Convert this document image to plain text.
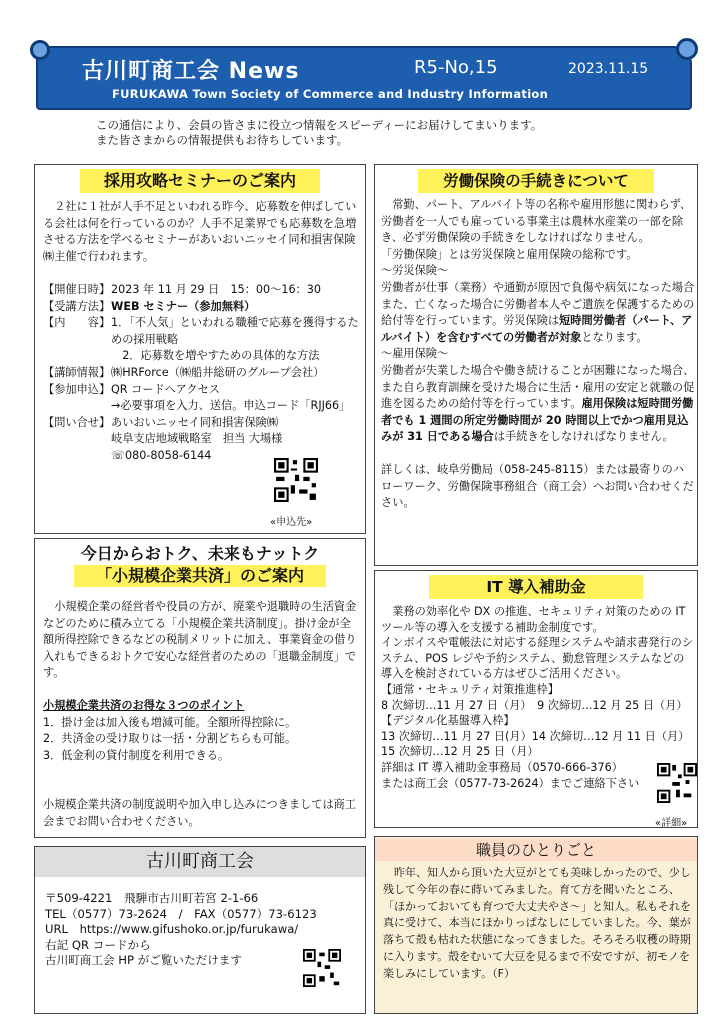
古川町商工会 News	R5-No,15	2023.11.15
FURUKAWA Town Society of Commerce and Industry Information
この通信により、会員の皆さまに役立つ情報をスピーディーにお届けしてまいります。
また皆さまからの情報提供もお待ちしています。
採用攻略セミナーのご案内
　２社に１社が人手不足といわれる昨今、応募数を伸ばしている会社は何を行っているのか？人手不足業界でも応募数を急増させる方法を学べるセミナーがあいおいニッセイ同和損害保険㈱主催で行われます。
【開催日時】 2023 年 11 月 29 日　15：00～16：30
【受講方法】 WEB セミナー（参加無料）
【内　　容】 1．「不人気」といわれる職種で応募を獲得するための採用戦略
　2．応募数を増やすための具体的な方法
【講師情報】 ㈱HRForce（㈱船井総研のグループ会社）
【参加申込】 QR コードへアクセス
→必要事項を入力、送信。申込コード「RJJ66」
【問い合せ】 あいおいニッセイ同和損害保険㈱
岐阜支店地域戦略室　担当 大場様
☏080-8058-6144
«申込先»
今日からおトク、未来もナットク
「小規模企業共済」のご案内
　小規模企業の経営者や役員の方が、廃業や退職時の生活資金などのために積み立てる「小規模企業共済制度」。掛け金が全額所得控除できるなどの税制メリットに加え、事業資金の借り入れもできるおトクで安心な経営者のための「退職金制度」です。
小規模企業共済のお得な３つのポイント
1．掛け金は加入後も増減可能。全額所得控除に。
2．共済金の受け取りは一括・分割どちらも可能。
3．低金利の貸付制度を利用できる。
小規模企業共済の制度説明や加入申し込みにつきましては商工会までお問い合わせください。
古川町商工会
〒509-4221　飛騨市古川町若宮 2-1-66
TEL（0577）73-2624　/　FAX（0577）73-6123
URL　https://www.gifushoko.or.jp/furukawa/
右記 QR コードから
古川町商工会 HP がご覧いただけます
労働保険の手続きについて
　常勤、パート、アルバイト等の名称や雇用形態に関わらず、労働者を一人でも雇っている事業主は農林水産業の一部を除き、必ず労働保険の手続きをしなければなりません。
「労働保険」とは労災保険と雇用保険の総称です。
～労災保険～
労働者が仕事（業務）や通勤が原因で負傷や病気になった場合また、亡くなった場合に労働者本人やご遺族を保護するための給付等を行っています。労災保険は短時間労働者（パート、アルバイト）を含むすべての労働者が対象となります。
～雇用保険～
労働者が失業した場合や働き続けることが困難になった場合、また自ら教育訓練を受けた場合に生活・雇用の安定と就職の促進を図るための給付等を行っています。雇用保険は短時間労働者でも 1 週間の所定労働時間が 20 時間以上でかつ雇用見込みが 31 日である場合は手続きをしなければなりません。
詳しくは、岐阜労働局（058-245-8115）または最寄りのハローワーク、労働保険事務組合（商工会）へお問い合わせください。
IT 導入補助金
　業務の効率化や DX の推進、セキュリティ対策のための IT ツール等の導入を支援する補助金制度です。
インボイスや電帳法に対応する経理システムや請求書発行のシステム、POS レジや予約システム、勤怠管理システムなどの導入を検討されている方はぜひご活用ください。
【通常・セキュリティ対策推進枠】
8 次締切…11 月 27 日（月）　9 次締切…12 月 25 日（月）
【デジタル化基盤導入枠】
13 次締切…11 月 27 日(月）14 次締切…12 月 11 日（月）
15 次締切…12 月 25 日（月）
詳細は IT 導入補助金事務局（0570-666-376）
または商工会（0577-73-2624）までご連絡下さい
«詳細»
職員のひとりごと
　昨年、知人から頂いた大豆がとても美味しかったので、少し残して今年の春に蒔いてみました。育て方を聞いたところ、「ほかっておいても育つで大丈夫やさ～」と知人。私もそれを真に受けて、本当にほかりっぱなしにしていました。今、葉が落ちて殻も枯れた状態になってきました。そろそろ収穫の時期に入ります。殻をむいて大豆を見るまで不安ですが、初モノを楽しみにしています。（F）
